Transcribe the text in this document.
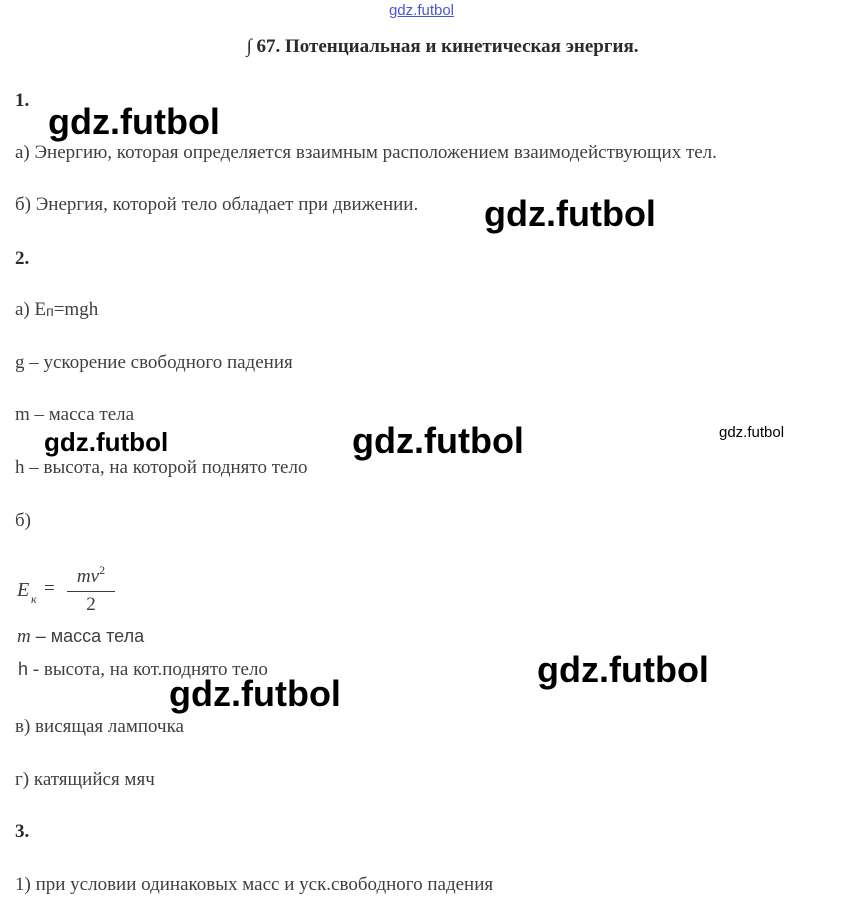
gdz.futbol
∫ 67. Потенциальная и кинетическая энергия.
1.
а) Энергию, которая определяется взаимным расположением взаимодействующих тел.
б) Энергия, которой тело обладает при движении.
2.
а) Eп=mgh
g – ускорение свободного падения
m – масса тела
h – высота, на которой поднято тело
б)
E к =
$mv^2$
2
m – масса тела
h - высота, на кот.поднято тело
в) висящая лампочка
г) катящийся мяч
3.
1) при условии одинаковых масс и уск.свободного падения
gdz.futbol
gdz.futbol
gdz.futbol	gdz.futbol	gdz.futbol
gdz.futbol
gdz.futbol
